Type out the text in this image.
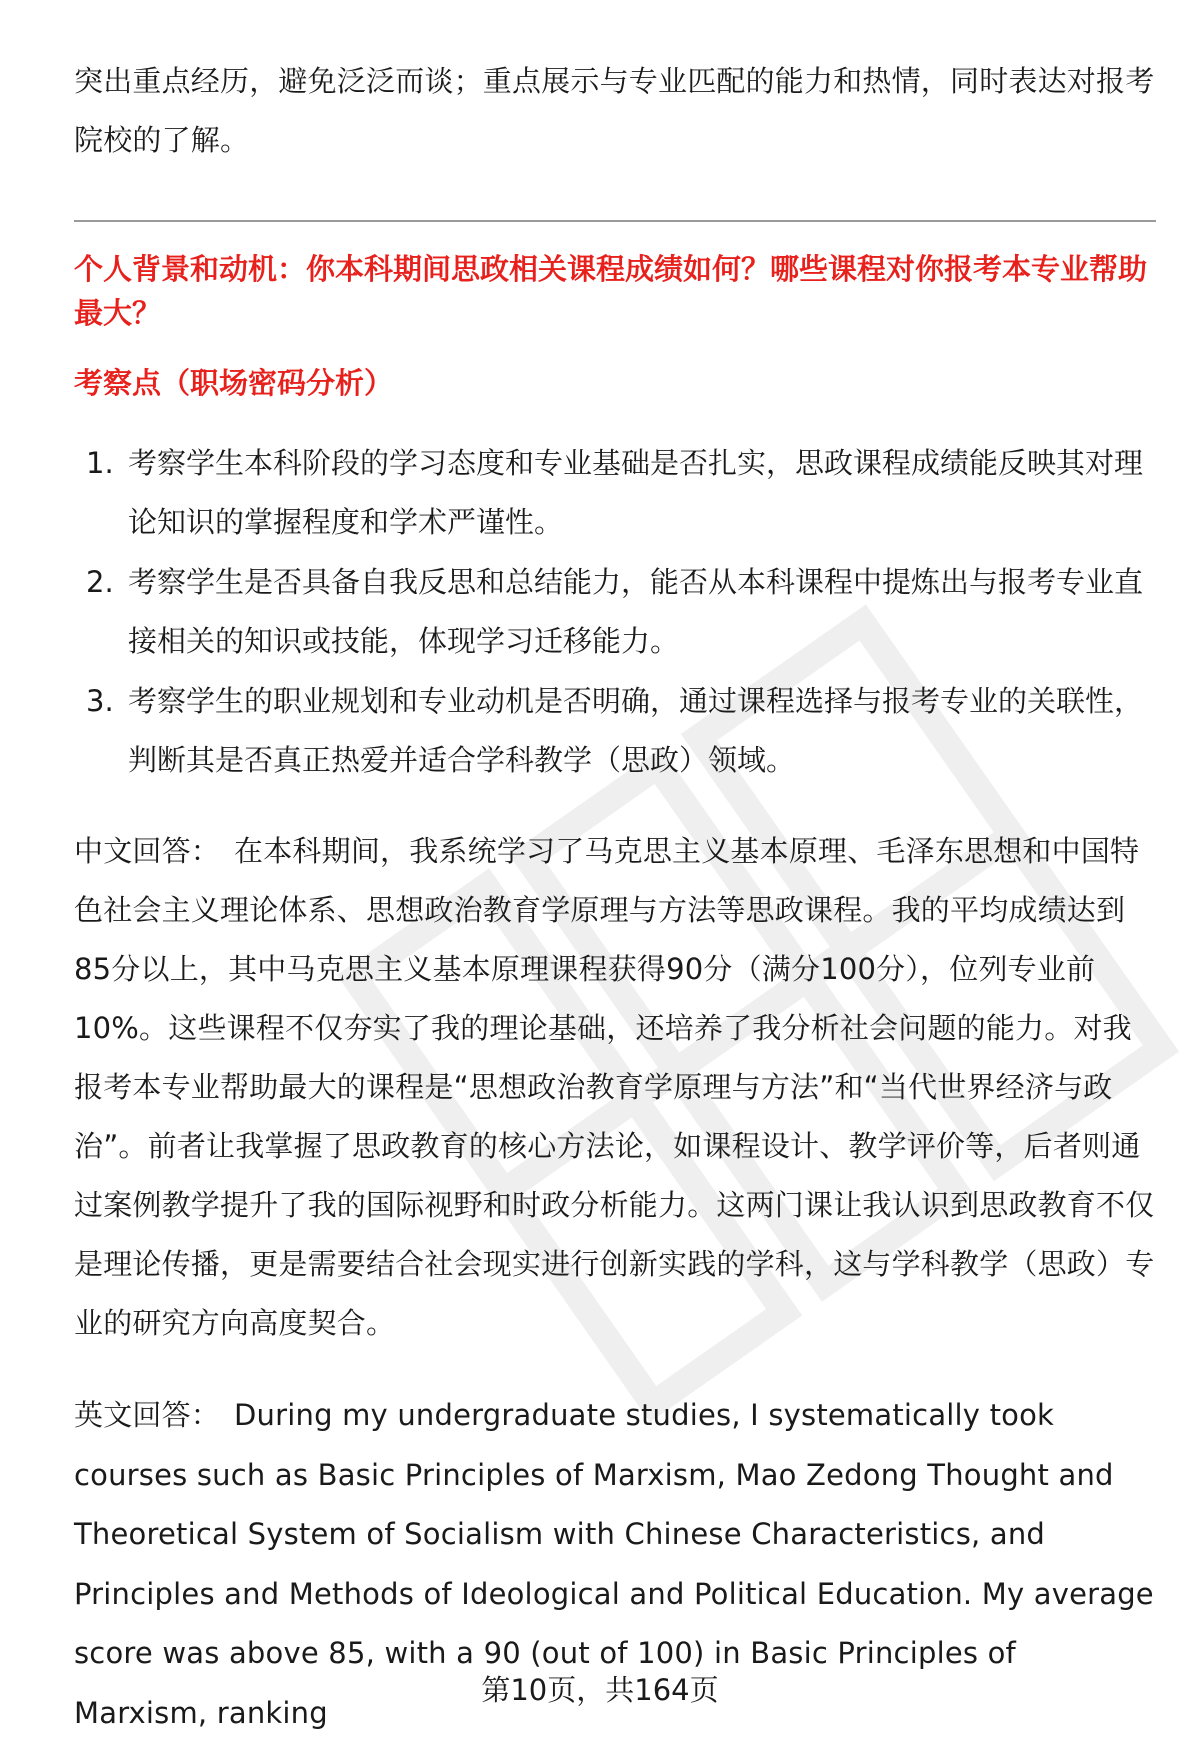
突出重点经历，避免泛泛而谈；重点展示与专业匹配的能力和热情，同时表达对报考院校的了解。

个人背景和动机：你本科期间思政相关课程成绩如何？哪些课程对你报考本专业帮助最大？

考察点（职场密码分析）

1. 考察学生本科阶段的学习态度和专业基础是否扎实，思政课程成绩能反映其对理论知识的掌握程度和学术严谨性。
2. 考察学生是否具备自我反思和总结能力，能否从本科课程中提炼出与报考专业直接相关的知识或技能，体现学习迁移能力。
3. 考察学生的职业规划和专业动机是否明确，通过课程选择与报考专业的关联性，判断其是否真正热爱并适合学科教学（思政）领域。

中文回答： 在本科期间，我系统学习了马克思主义基本原理、毛泽东思想和中国特色社会主义理论体系、思想政治教育学原理与方法等思政课程。我的平均成绩达到85分以上，其中马克思主义基本原理课程获得90分（满分100分），位列专业前10%。这些课程不仅夯实了我的理论基础，还培养了我分析社会问题的能力。对我报考本专业帮助最大的课程是“思想政治教育学原理与方法”和“当代世界经济与政治”。前者让我掌握了思政教育的核心方法论，如课程设计、教学评价等，后者则通过案例教学提升了我的国际视野和时政分析能力。这两门课让我认识到思政教育不仅是理论传播，更是需要结合社会现实进行创新实践的学科，这与学科教学（思政）专业的研究方向高度契合。

英文回答： During my undergraduate studies, I systematically took courses such as Basic Principles of Marxism, Mao Zedong Thought and Theoretical System of Socialism with Chinese Characteristics, and Principles and Methods of Ideological and Political Education. My average score was above 85, with a 90 (out of 100) in Basic Principles of Marxism, ranking

第10页，共164页
